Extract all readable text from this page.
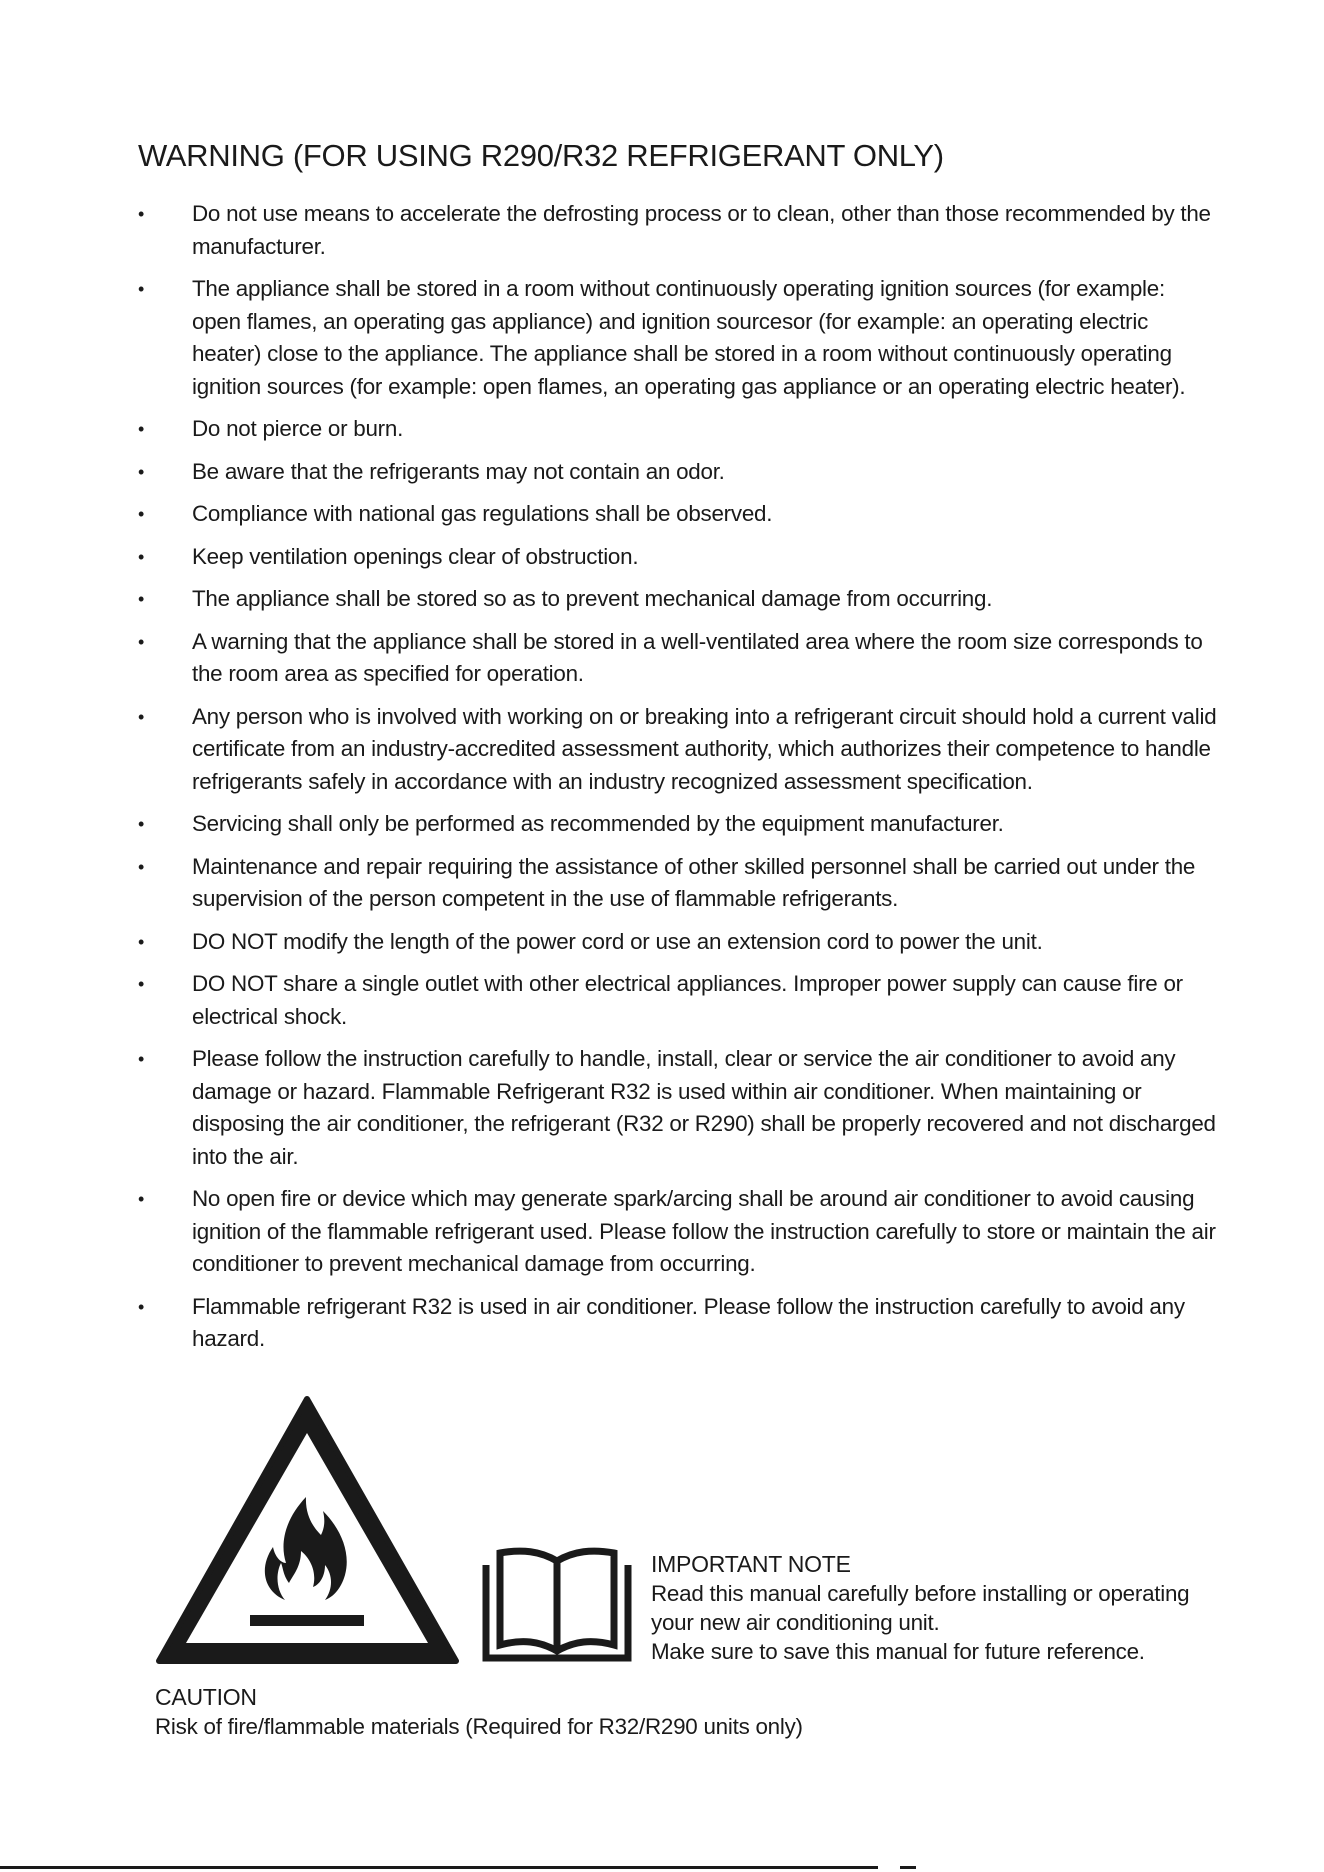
WARNING (FOR USING R290/R32 REFRIGERANT ONLY)
•	Do not use means to accelerate the defrosting process or to clean, other than those recommended by the manufacturer.
•	The appliance shall be stored in a room without continuously operating ignition sources (for example: open flames, an operating gas appliance) and ignition sourcesor (for example: an operating electric heater) close to the appliance. The appliance shall be stored in a room without continuously operating ignition sources (for example: open flames, an operating gas appliance or an operating electric heater).
•	Do not pierce or burn.
•	Be aware that the refrigerants may not contain an odor.
•	Compliance with national gas regulations shall be observed.
•	Keep ventilation openings clear of obstruction.
•	The appliance shall be stored so as to prevent mechanical damage from occurring.
•	A warning that the appliance shall be stored in a well-ventilated area where the room size corresponds to the room area as specified for operation.
•	Any person who is involved with working on or breaking into a refrigerant circuit should hold a current valid certificate from an industry-accredited assessment authority, which authorizes their competence to handle refrigerants safely in accordance with an industry recognized assessment specification.
•	Servicing shall only be performed as recommended by the equipment manufacturer.
•	Maintenance and repair requiring the assistance of other skilled personnel shall be carried out under the supervision of the person competent in the use of flammable refrigerants.
•	DO NOT modify the length of the power cord or use an extension cord to power the unit.
•	DO NOT share a single outlet with other electrical appliances. Improper power supply can cause fire or electrical shock.
•	Please follow the instruction carefully to handle, install, clear or service the air conditioner to avoid any damage or hazard. Flammable Refrigerant R32 is used within air conditioner. When maintaining or disposing the air conditioner, the refrigerant (R32 or R290) shall be properly recovered and not discharged into the air.
•	No open fire or device which may generate spark/arcing shall be around air conditioner to avoid causing ignition of the flammable refrigerant used. Please follow the instruction carefully to store or maintain the air conditioner to prevent mechanical damage from occurring.
•	Flammable refrigerant R32 is used in air conditioner. Please follow the instruction carefully to avoid any hazard.
IMPORTANT NOTE
Read this manual carefully before installing or operating
your new air conditioning unit.
Make sure to save this manual for future reference.
CAUTION
Risk of fire/flammable materials (Required for R32/R290 units only)
